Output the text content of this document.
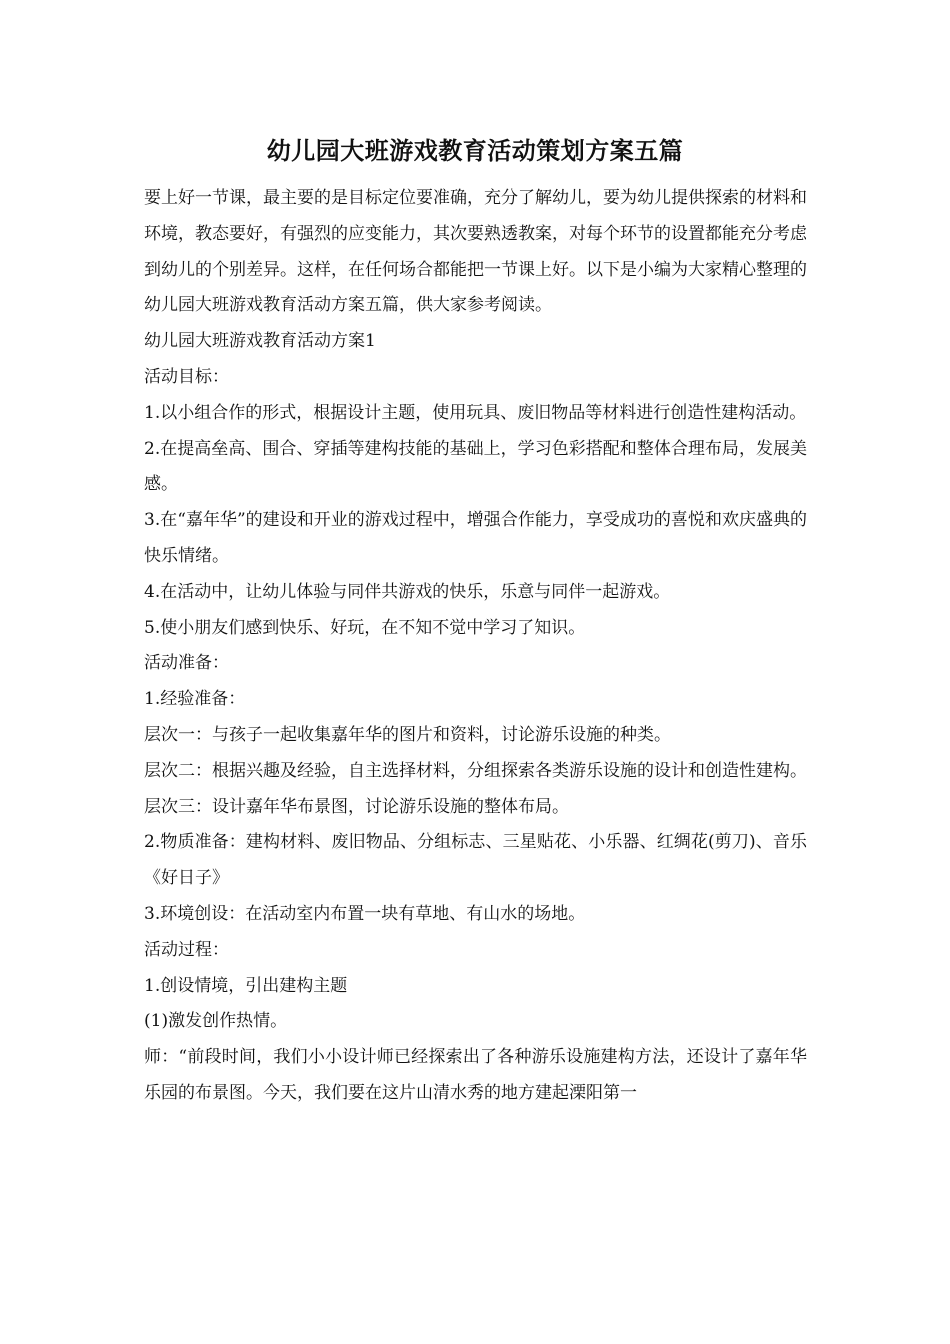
幼儿园大班游戏教育活动策划方案五篇

要上好一节课，最主要的是目标定位要准确，充分了解幼儿，要为幼儿提供探索的材料和环境，教态要好，有强烈的应变能力，其次要熟透教案，对每个环节的设置都能充分考虑到幼儿的个别差异。这样，在任何场合都能把一节课上好。以下是小编为大家精心整理的幼儿园大班游戏教育活动方案五篇，供大家参考阅读。

幼儿园大班游戏教育活动方案1

活动目标：

1.以小组合作的形式，根据设计主题，使用玩具、废旧物品等材料进行创造性建构活动。

2.在提高垒高、围合、穿插等建构技能的基础上，学习色彩搭配和整体合理布局，发展美感。

3.在“嘉年华”的建设和开业的游戏过程中，增强合作能力，享受成功的喜悦和欢庆盛典的快乐情绪。

4.在活动中，让幼儿体验与同伴共游戏的快乐，乐意与同伴一起游戏。

5.使小朋友们感到快乐、好玩，在不知不觉中学习了知识。

活动准备：

1.经验准备：

层次一：与孩子一起收集嘉年华的图片和资料，讨论游乐设施的种类。

层次二：根据兴趣及经验，自主选择材料，分组探索各类游乐设施的设计和创造性建构。

层次三：设计嘉年华布景图，讨论游乐设施的整体布局。

2.物质准备：建构材料、废旧物品、分组标志、三星贴花、小乐器、红绸花(剪刀)、音乐《好日子》

3.环境创设：在活动室内布置一块有草地、有山水的场地。

活动过程：

1.创设情境，引出建构主题

(1)激发创作热情。

师：“前段时间，我们小小设计师已经探索出了各种游乐设施建构方法，还设计了嘉年华乐园的布景图。今天，我们要在这片山清水秀的地方建起溧阳第一
